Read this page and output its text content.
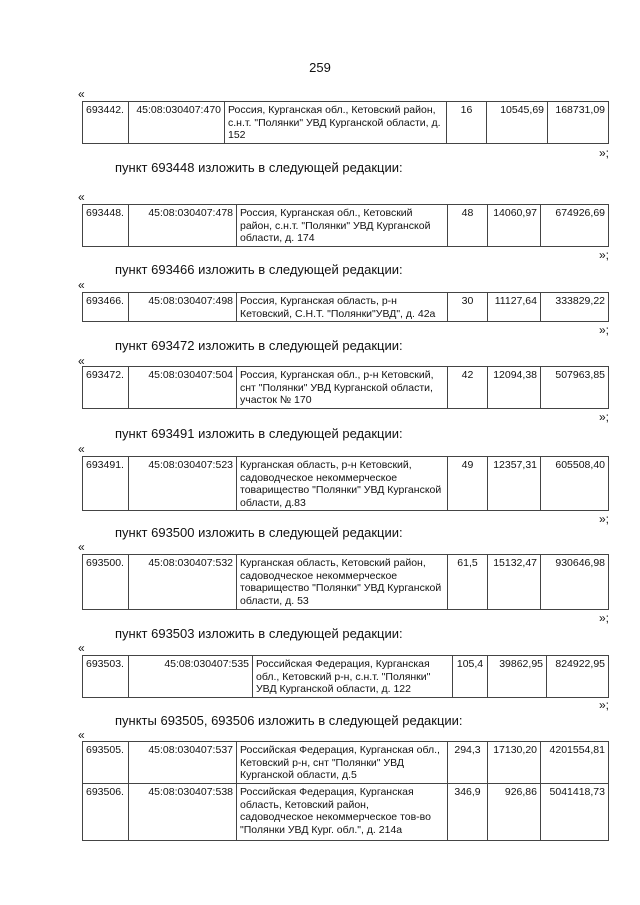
259
«
693442.	45:08:030407:470	Россия, Курганская обл., Кетовский район, с.н.т. "Полянки" УВД Курганской области, д. 152	16	10545,69	168731,09
»;
пункт 693448 изложить в следующей редакции:
«
693448.	45:08:030407:478	Россия, Курганская обл., Кетовский район, с.н.т. "Полянки" УВД Курганской области, д. 174	48	14060,97	674926,69
»;
пункт 693466 изложить в следующей редакции:
«
693466.	45:08:030407:498	Россия, Курганская область, р-н Кетовский, С.Н.Т. "Полянки"УВД", д. 42а	30	11127,64	333829,22
»;
пункт 693472 изложить в следующей редакции:
«
693472.	45:08:030407:504	Россия, Курганская обл., р-н Кетовский, снт "Полянки" УВД Курганской области, участок № 170	42	12094,38	507963,85
»;
пункт 693491 изложить в следующей редакции:
«
693491.	45:08:030407:523	Курганская область, р-н Кетовский, садоводческое некоммерческое товарищество "Полянки" УВД Курганской области, д.83	49	12357,31	605508,40
»;
пункт 693500 изложить в следующей редакции:
«
693500.	45:08:030407:532	Курганская область, Кетовский район, садоводческое некоммерческое товарищество "Полянки" УВД Курганской области, д. 53	61,5	15132,47	930646,98
»;
пункт 693503 изложить в следующей редакции:
«
693503.	45:08:030407:535	Российская Федерация, Курганская обл., Кетовский р-н, с.н.т. "Полянки" УВД Курганской области, д. 122	105,4	39862,95	824922,95
»;
пункты 693505, 693506 изложить в следующей редакции:
«
693505.	45:08:030407:537	Российская Федерация, Курганская обл., Кетовский р-н, снт "Полянки" УВД Курганской области, д.5	294,3	17130,20	4201554,81
693506.	45:08:030407:538	Российская Федерация, Курганская область, Кетовский район, садоводческое некоммерческое тов-во "Полянки УВД Кург. обл.", д. 214а	346,9	926,86	5041418,73
